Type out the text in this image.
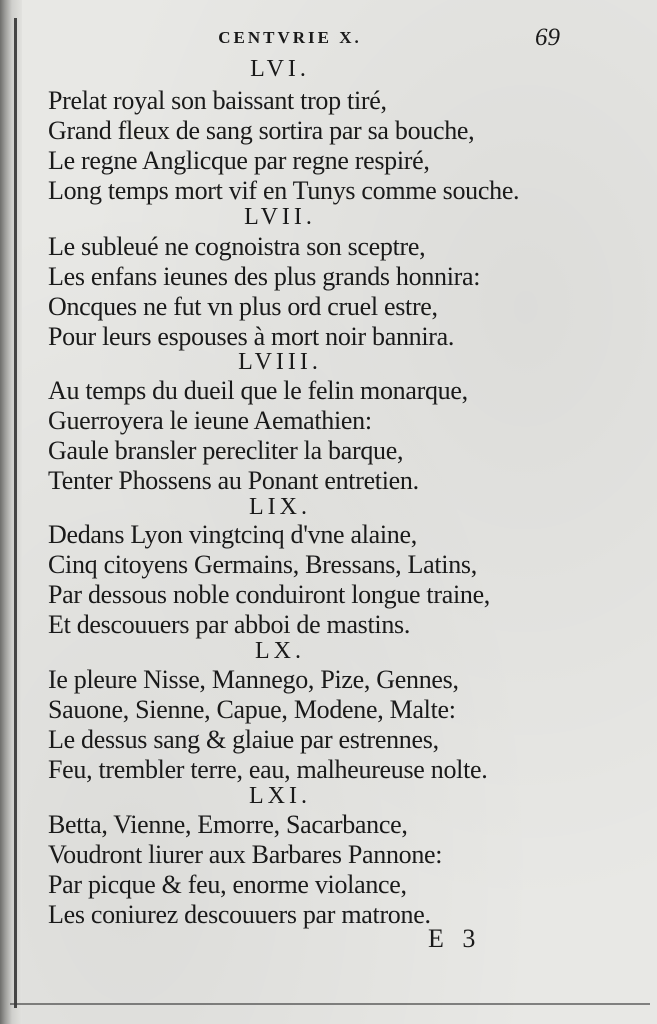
CENTVRIE X.	69
LVI.
Prelat royal son baissant trop tiré,
Grand fleux de sang sortira par sa bouche,
Le regne Anglicque par regne respiré,
Long temps mort vif en Tunys comme souche.
LVII.
Le subleué ne cognoistra son sceptre,
Les enfans ieunes des plus grands honnira:
Oncques ne fut vn plus ord cruel estre,
Pour leurs espouses à mort noir bannira.
LVIII.
Au temps du dueil que le felin monarque,
Guerroyera le ieune Aemathien:
Gaule bransler perecliter la barque,
Tenter Phossens au Ponant entretien.
LIX.
Dedans Lyon vingtcinq d'vne alaine,
Cinq citoyens Germains, Bressans, Latins,
Par dessous noble conduiront longue traine,
Et descouuers par abboi de mastins.
LX.
Ie pleure Nisse, Mannego, Pize, Gennes,
Sauone, Sienne, Capue, Modene, Malte:
Le dessus sang & glaiue par estrennes,
Feu, trembler terre, eau, malheureuse nolte.
LXI.
Betta, Vienne, Emorre, Sacarbance,
Voudront liurer aux Barbares Pannone:
Par picque & feu, enorme violance,
Les coniurez descouuers par matrone.
E 3
